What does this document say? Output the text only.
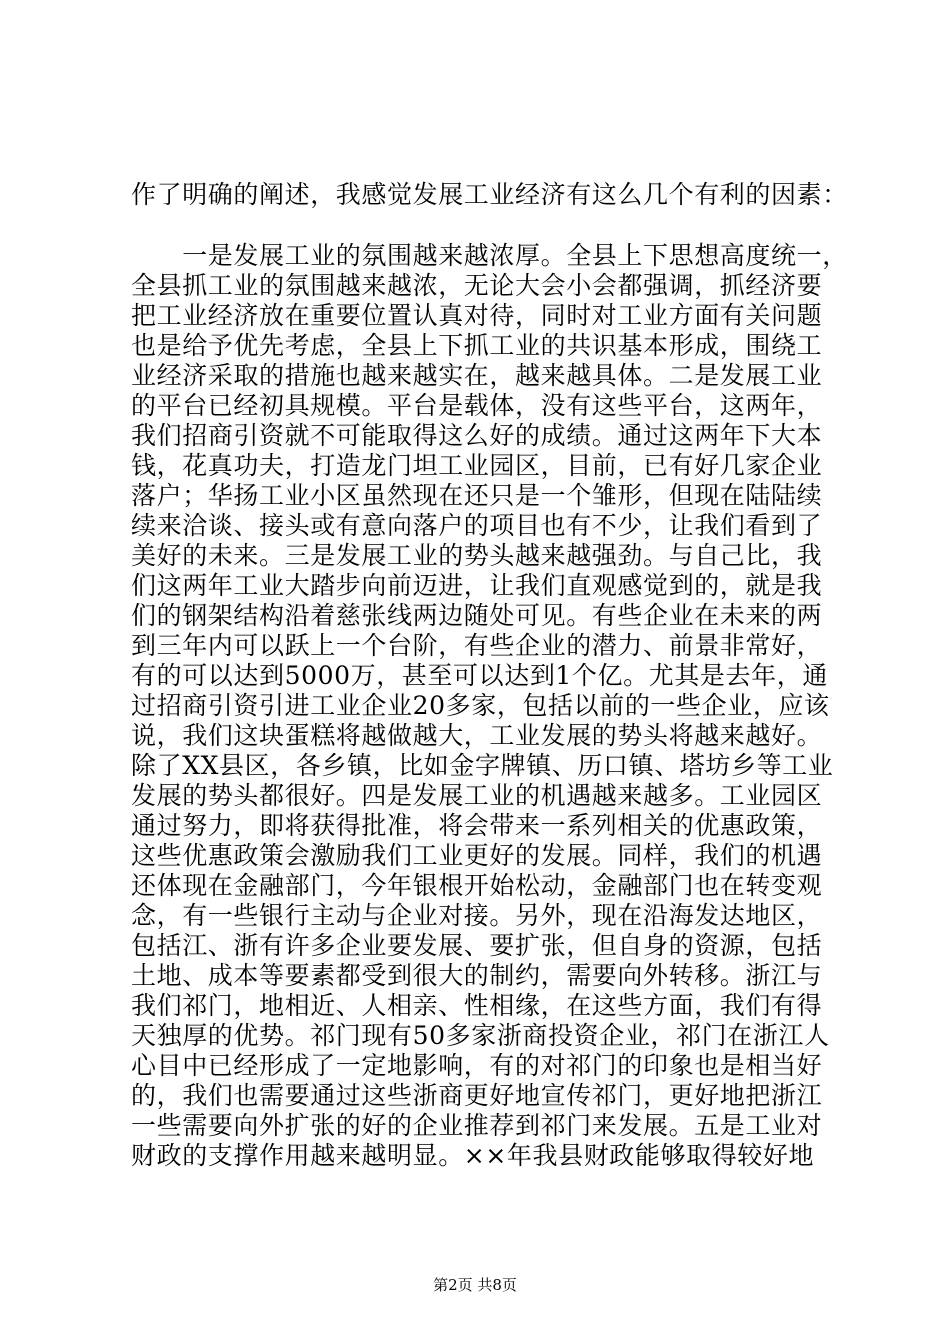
作了明确的阐述，我感觉发展工业经济有这么几个有利的因素：
　　一是发展工业的氛围越来越浓厚。全县上下思想高度统一，
全县抓工业的氛围越来越浓，无论大会小会都强调，抓经济要
把工业经济放在重要位置认真对待，同时对工业方面有关问题
也是给予优先考虑，全县上下抓工业的共识基本形成，围绕工
业经济采取的措施也越来越实在，越来越具体。二是发展工业
的平台已经初具规模。平台是载体，没有这些平台，这两年，
我们招商引资就不可能取得这么好的成绩。通过这两年下大本
钱，花真功夫，打造龙门坦工业园区，目前，已有好几家企业
落户；华扬工业小区虽然现在还只是一个雏形，但现在陆陆续
续来洽谈、接头或有意向落户的项目也有不少，让我们看到了
美好的未来。三是发展工业的势头越来越强劲。与自己比，我
们这两年工业大踏步向前迈进，让我们直观感觉到的，就是我
们的钢架结构沿着慈张线两边随处可见。有些企业在未来的两
到三年内可以跃上一个台阶，有些企业的潜力、前景非常好，
有的可以达到5000万，甚至可以达到1个亿。尤其是去年，通
过招商引资引进工业企业20多家，包括以前的一些企业，应该
说，我们这块蛋糕将越做越大，工业发展的势头将越来越好。
除了XX县区，各乡镇，比如金字牌镇、历口镇、塔坊乡等工业
发展的势头都很好。四是发展工业的机遇越来越多。工业园区
通过努力，即将获得批准，将会带来一系列相关的优惠政策，
这些优惠政策会激励我们工业更好的发展。同样，我们的机遇
还体现在金融部门，今年银根开始松动，金融部门也在转变观
念，有一些银行主动与企业对接。另外，现在沿海发达地区，
包括江、浙有许多企业要发展、要扩张，但自身的资源，包括
土地、成本等要素都受到很大的制约，需要向外转移。浙江与
我们祁门，地相近、人相亲、性相缘，在这些方面，我们有得
天独厚的优势。祁门现有50多家浙商投资企业，祁门在浙江人
心目中已经形成了一定地影响，有的对祁门的印象也是相当好
的，我们也需要通过这些浙商更好地宣传祁门，更好地把浙江
一些需要向外扩张的好的企业推荐到祁门来发展。五是工业对
财政的支撑作用越来越明显。××年我县财政能够取得较好地
第2页 共8页
